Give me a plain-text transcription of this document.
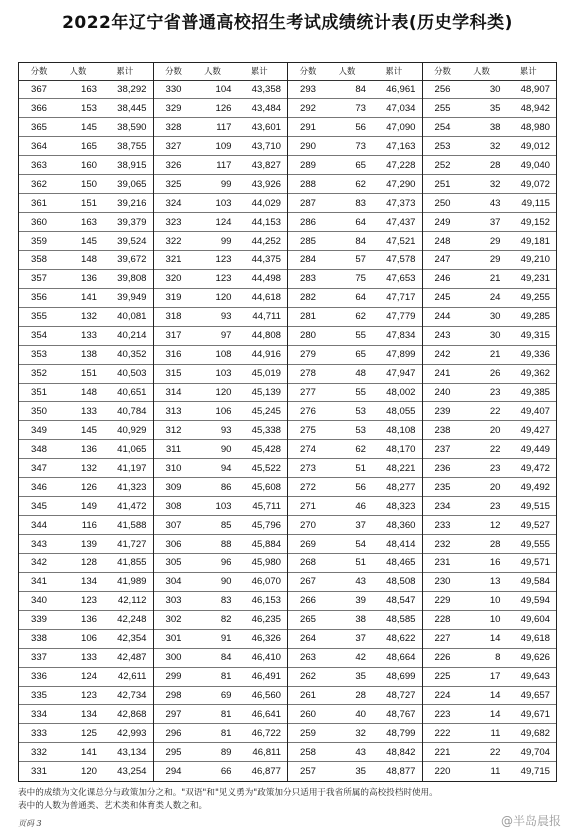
2022年辽宁省普通高校招生考试成绩统计表(历史学科类)
分数	人数	累计
367	163	38,292
366	153	38,445
365	145	38,590
364	165	38,755
363	160	38,915
362	150	39,065
361	151	39,216
360	163	39,379
359	145	39,524
358	148	39,672
357	136	39,808
356	141	39,949
355	132	40,081
354	133	40,214
353	138	40,352
352	151	40,503
351	148	40,651
350	133	40,784
349	145	40,929
348	136	41,065
347	132	41,197
346	126	41,323
345	149	41,472
344	116	41,588
343	139	41,727
342	128	41,855
341	134	41,989
340	123	42,112
339	136	42,248
338	106	42,354
337	133	42,487
336	124	42,611
335	123	42,734
334	134	42,868
333	125	42,993
332	141	43,134
331	120	43,254
分数	人数	累计
330	104	43,358
329	126	43,484
328	117	43,601
327	109	43,710
326	117	43,827
325	99	43,926
324	103	44,029
323	124	44,153
322	99	44,252
321	123	44,375
320	123	44,498
319	120	44,618
318	93	44,711
317	97	44,808
316	108	44,916
315	103	45,019
314	120	45,139
313	106	45,245
312	93	45,338
311	90	45,428
310	94	45,522
309	86	45,608
308	103	45,711
307	85	45,796
306	88	45,884
305	96	45,980
304	90	46,070
303	83	46,153
302	82	46,235
301	91	46,326
300	84	46,410
299	81	46,491
298	69	46,560
297	81	46,641
296	81	46,722
295	89	46,811
294	66	46,877
分数	人数	累计
293	84	46,961
292	73	47,034
291	56	47,090
290	73	47,163
289	65	47,228
288	62	47,290
287	83	47,373
286	64	47,437
285	84	47,521
284	57	47,578
283	75	47,653
282	64	47,717
281	62	47,779
280	55	47,834
279	65	47,899
278	48	47,947
277	55	48,002
276	53	48,055
275	53	48,108
274	62	48,170
273	51	48,221
272	56	48,277
271	46	48,323
270	37	48,360
269	54	48,414
268	51	48,465
267	43	48,508
266	39	48,547
265	38	48,585
264	37	48,622
263	42	48,664
262	35	48,699
261	28	48,727
260	40	48,767
259	32	48,799
258	43	48,842
257	35	48,877
分数	人数	累计
256	30	48,907
255	35	48,942
254	38	48,980
253	32	49,012
252	28	49,040
251	32	49,072
250	43	49,115
249	37	49,152
248	29	49,181
247	29	49,210
246	21	49,231
245	24	49,255
244	30	49,285
243	30	49,315
242	21	49,336
241	26	49,362
240	23	49,385
239	22	49,407
238	20	49,427
237	22	49,449
236	23	49,472
235	20	49,492
234	23	49,515
233	12	49,527
232	28	49,555
231	16	49,571
230	13	49,584
229	10	49,594
228	10	49,604
227	14	49,618
226	8	49,626
225	17	49,643
224	14	49,657
223	14	49,671
222	11	49,682
221	22	49,704
220	11	49,715
表中的成绩为文化课总分与政策加分之和。"双语"和"见义勇为"政策加分只适用于我省所属的高校投档时使用。
表中的人数为普通类、艺术类和体育类人数之和。
页码 3	@半岛晨报
